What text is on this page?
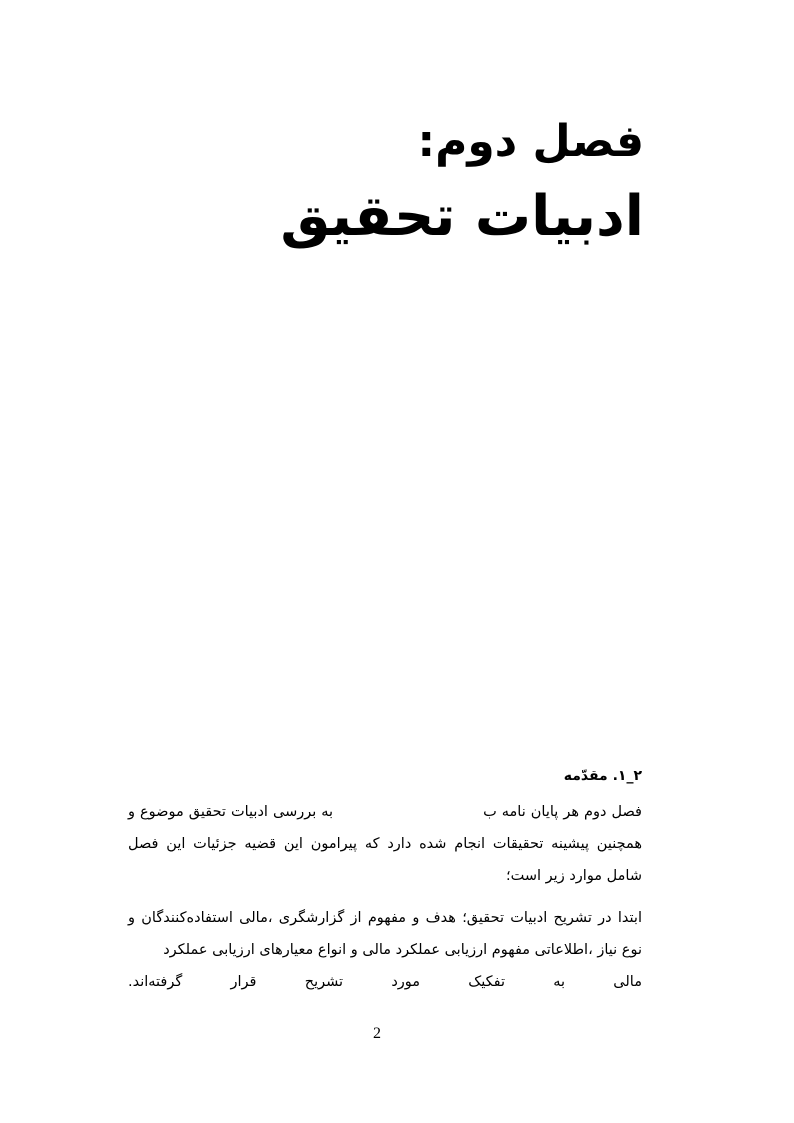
فصل دوم:
ادبیات تحقیق
۲_۱. مقدّمه
فصل دوم هر پایان نامه ببه بررسی ادبیات تحقیق موضوع و همچنین پیشینه تحقیقات انجام شده دارد که پیرامون این قضیه جزئیات این فصل شامل موارد زیر است؛
ابتدا در تشریح ادبیات تحقیق؛ هدف و مفهوم از گزارشگری ،مالی استفاده‌کنندگان و نوع نیاز ،اطلاعاتی مفهوم ارزیابی عملکرد مالی و انواع معیارهای ارزیابی عملکرد
مالی به تفکیک مورد تشریح قرار گرفته‌اند.
2
